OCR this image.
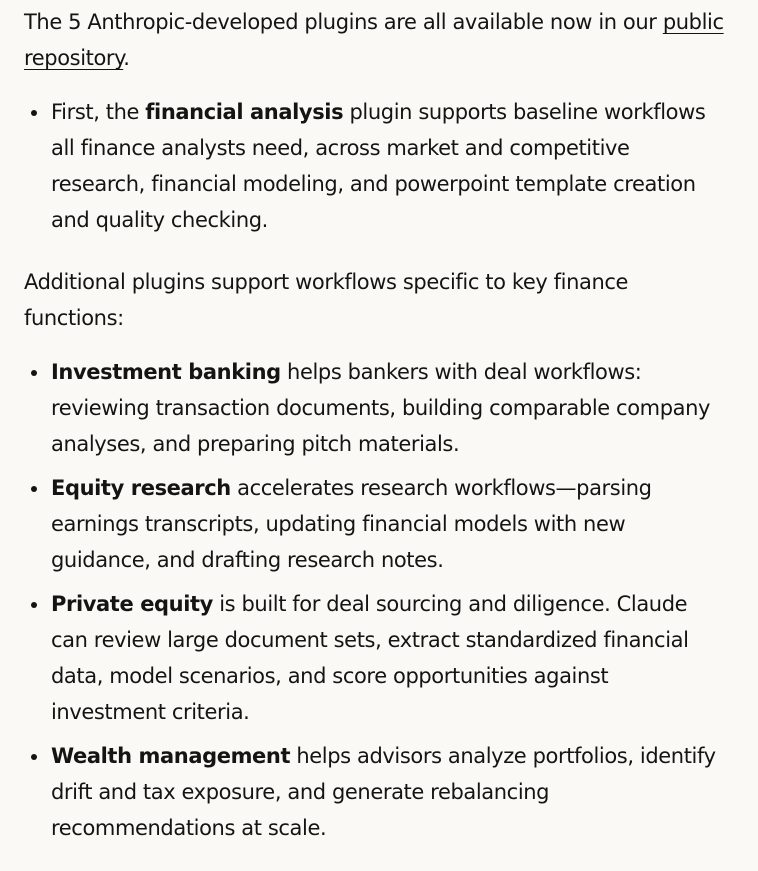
The 5 Anthropic-developed plugins are all available now in our public repository.

First, the financial analysis plugin supports baseline workflows all finance analysts need, across market and competitive research, financial modeling, and powerpoint template creation and quality checking.

Additional plugins support workflows specific to key finance functions:

Investment banking helps bankers with deal workflows: reviewing transaction documents, building comparable company analyses, and preparing pitch materials.
Equity research accelerates research workflows—parsing earnings transcripts, updating financial models with new guidance, and drafting research notes.
Private equity is built for deal sourcing and diligence. Claude can review large document sets, extract standardized financial data, model scenarios, and score opportunities against investment criteria.
Wealth management helps advisors analyze portfolios, identify drift and tax exposure, and generate rebalancing recommendations at scale.
